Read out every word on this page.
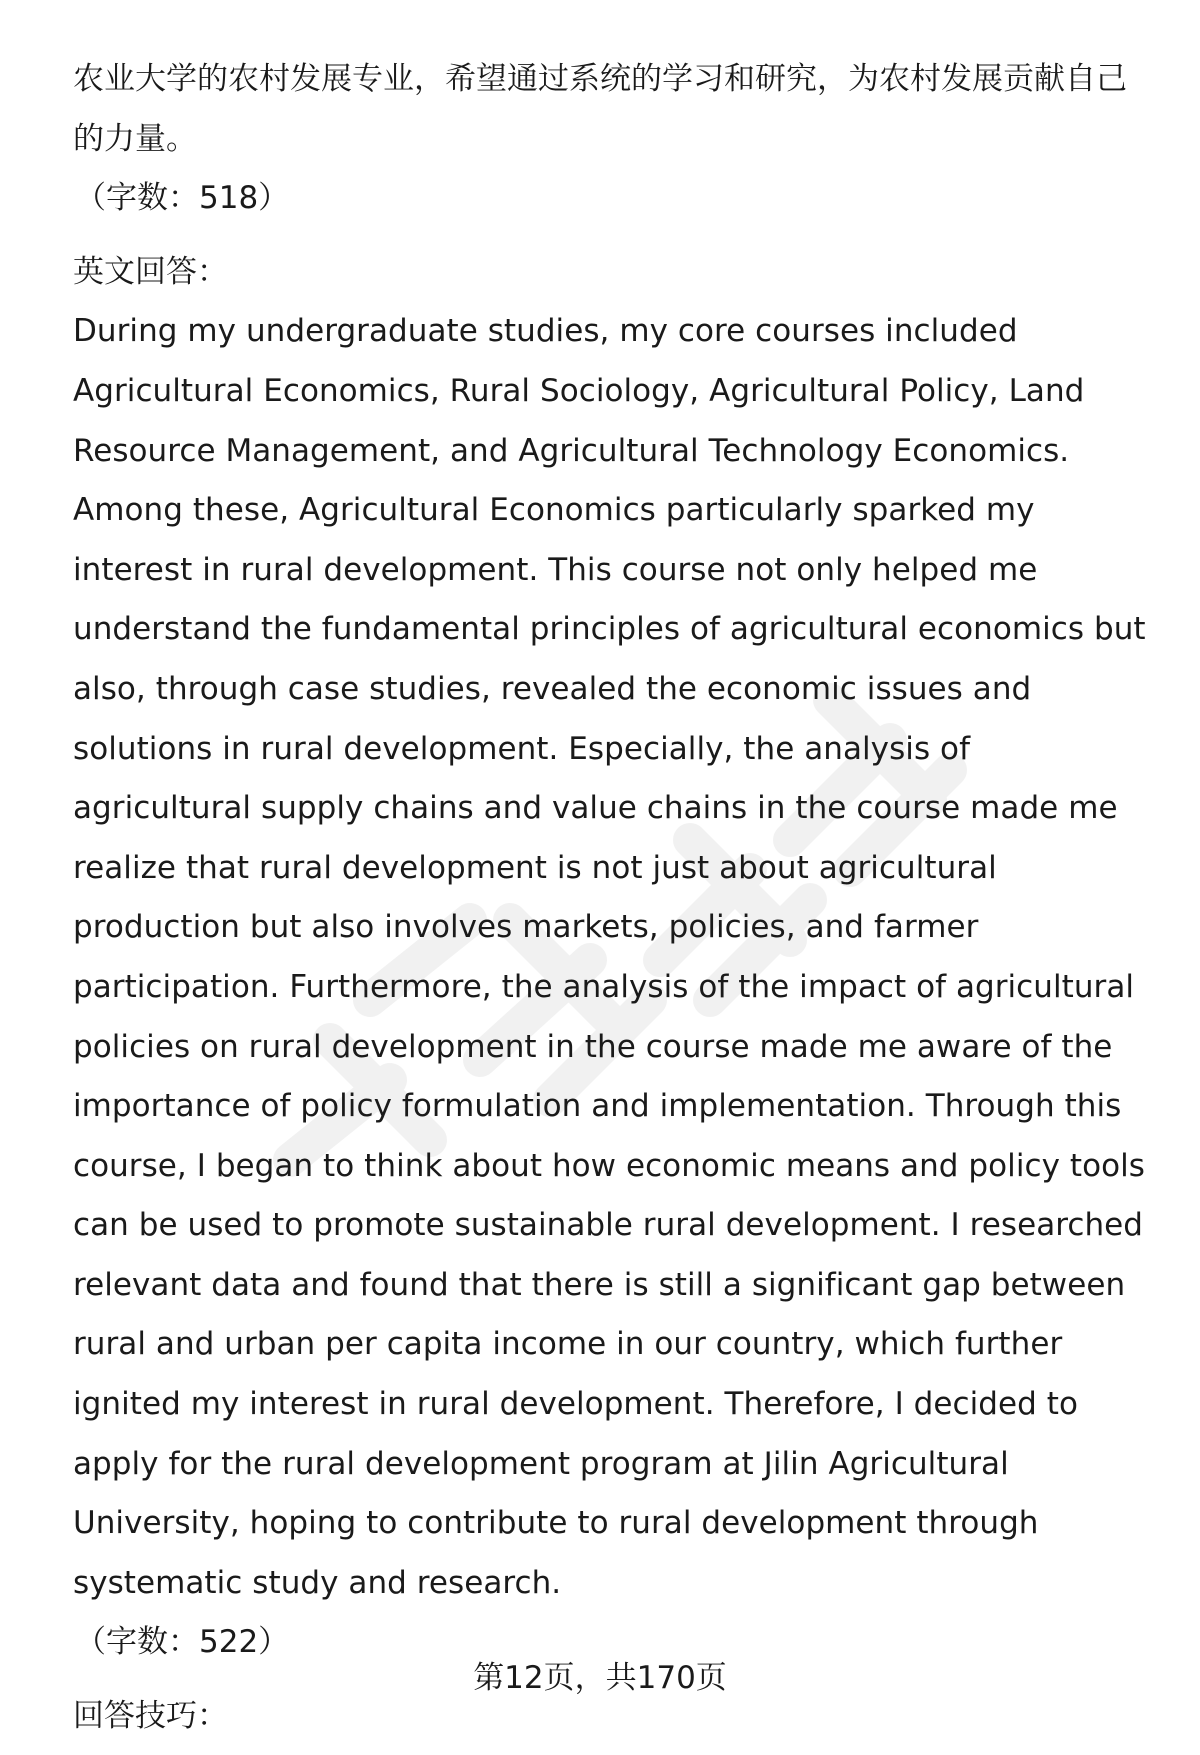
农业大学的农村发展专业，希望通过系统的学习和研究，为农村发展贡献自己的力量。

（字数：518）

英文回答：

During my undergraduate studies, my core courses included Agricultural Economics, Rural Sociology, Agricultural Policy, Land Resource Management, and Agricultural Technology Economics. Among these, Agricultural Economics particularly sparked my interest in rural development. This course not only helped me understand the fundamental principles of agricultural economics but also, through case studies, revealed the economic issues and solutions in rural development. Especially, the analysis of agricultural supply chains and value chains in the course made me realize that rural development is not just about agricultural production but also involves markets, policies, and farmer participation. Furthermore, the analysis of the impact of agricultural policies on rural development in the course made me aware of the importance of policy formulation and implementation. Through this course, I began to think about how economic means and policy tools can be used to promote sustainable rural development. I researched relevant data and found that there is still a significant gap between rural and urban per capita income in our country, which further ignited my interest in rural development. Therefore, I decided to apply for the rural development program at Jilin Agricultural University, hoping to contribute to rural development through systematic study and research.

（字数：522）

回答技巧：

第12页，共170页
